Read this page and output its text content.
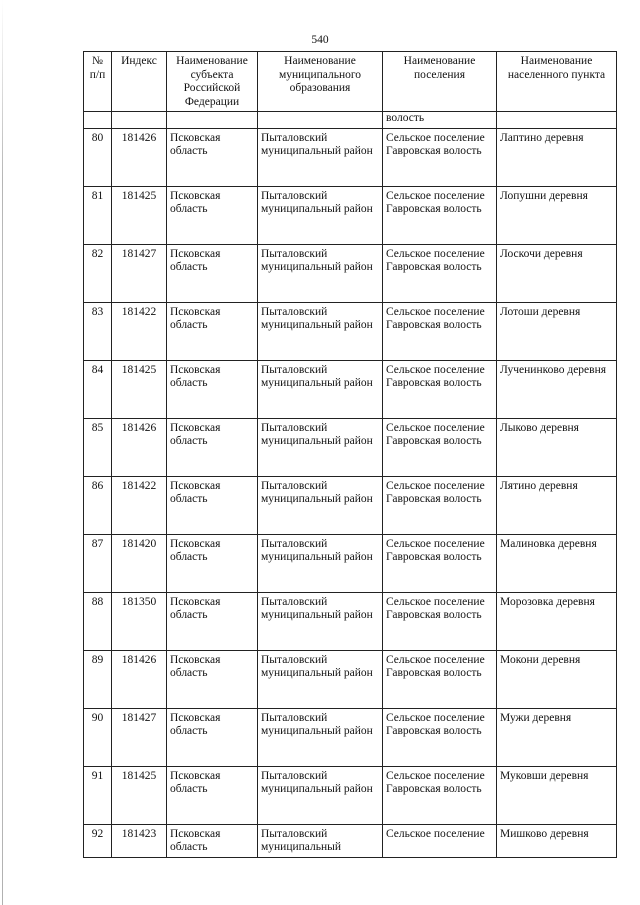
540
№ п/п	Индекс	Наименование субъекта Российской Федерации	Наименование муниципального образования	Наименование поселения	Наименование населенного пункта
				волость	
80	181426	Псковская область	Пыталовский муниципальный район	Сельское поселение Гавровская волость	Лаптино деревня
81	181425	Псковская область	Пыталовский муниципальный район	Сельское поселение Гавровская волость	Лопушни деревня
82	181427	Псковская область	Пыталовский муниципальный район	Сельское поселение Гавровская волость	Лоскочи деревня
83	181422	Псковская область	Пыталовский муниципальный район	Сельское поселение Гавровская волость	Лотоши деревня
84	181425	Псковская область	Пыталовский муниципальный район	Сельское поселение Гавровская волость	Лученинково деревня
85	181426	Псковская область	Пыталовский муниципальный район	Сельское поселение Гавровская волость	Лыково деревня
86	181422	Псковская область	Пыталовский муниципальный район	Сельское поселение Гавровская волость	Лятино деревня
87	181420	Псковская область	Пыталовский муниципальный район	Сельское поселение Гавровская волость	Малиновка деревня
88	181350	Псковская область	Пыталовский муниципальный район	Сельское поселение Гавровская волость	Морозовка деревня
89	181426	Псковская область	Пыталовский муниципальный район	Сельское поселение Гавровская волость	Мокони деревня
90	181427	Псковская область	Пыталовский муниципальный район	Сельское поселение Гавровская волость	Мужи деревня
91	181425	Псковская область	Пыталовский муниципальный район	Сельское поселение Гавровская волость	Муковши деревня
92	181423	Псковская область	Пыталовский муниципальный	Сельское поселение	Мишково деревня
